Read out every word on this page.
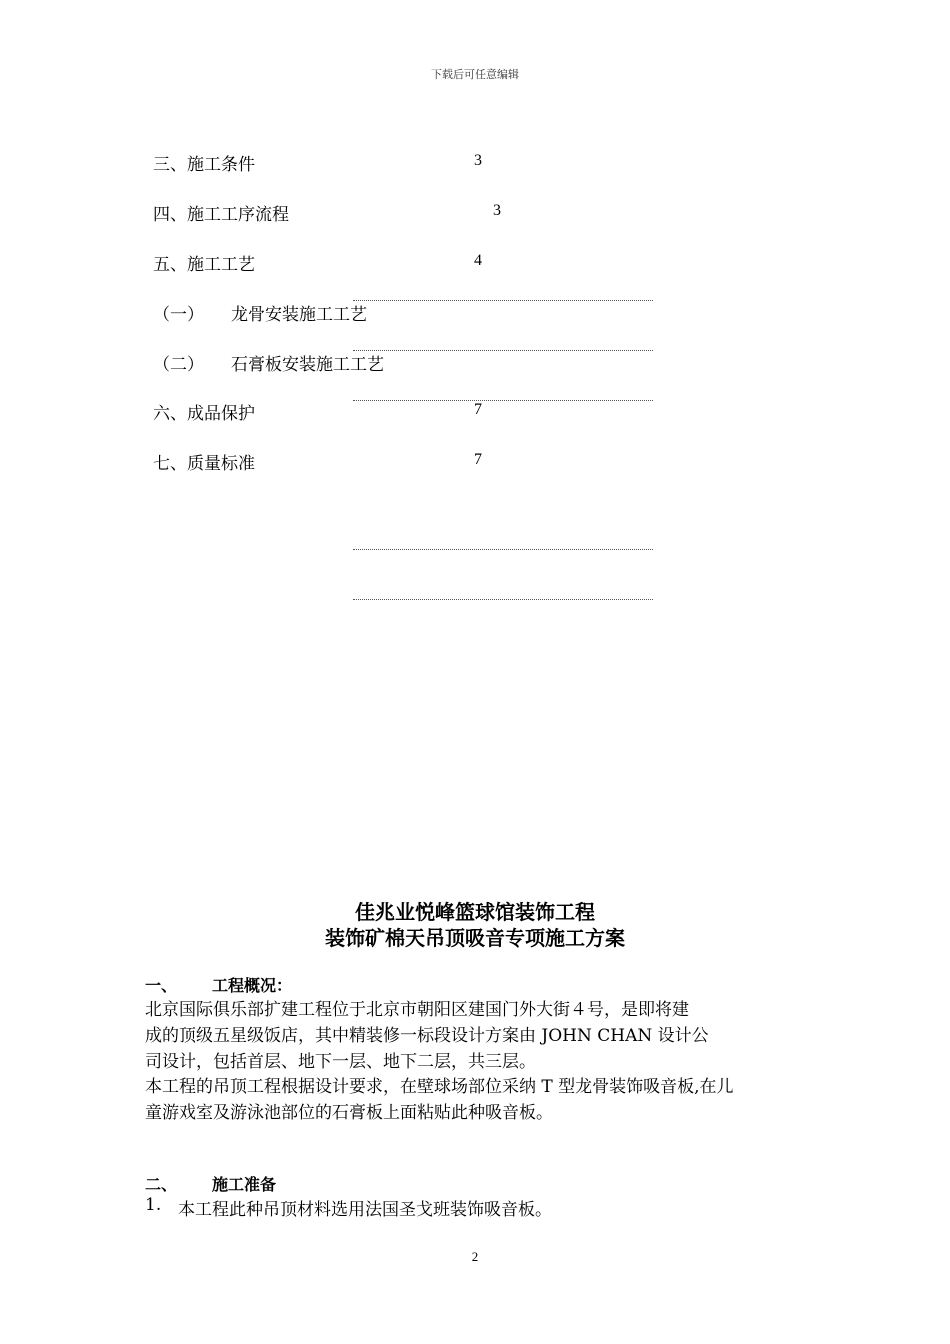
下载后可任意编辑
三、施工条件	3
四、施工工序流程	3
五、施工工艺	4
（一） 龙骨安装施工工艺
（二） 石膏板安装施工工艺
六、成品保护	7
七、质量标准	7
佳兆业悦峰篮球馆装饰工程
装饰矿棉天吊顶吸音专项施工方案
一、 工程概况：
北京国际俱乐部扩建工程位于北京市朝阳区建国门外大街４号，是即将建
成的顶级五星级饭店，其中精装修一标段设计方案由 JOHN CHAN 设计公
司设计，包括首层、地下一层、地下二层，共三层。
本工程的吊顶工程根据设计要求，在壁球场部位采纳 T 型龙骨装饰吸音板,在儿
童游戏室及游泳池部位的石膏板上面粘贴此种吸音板。
二、 施工准备
1. 本工程此种吊顶材料选用法国圣戈班装饰吸音板。
2
